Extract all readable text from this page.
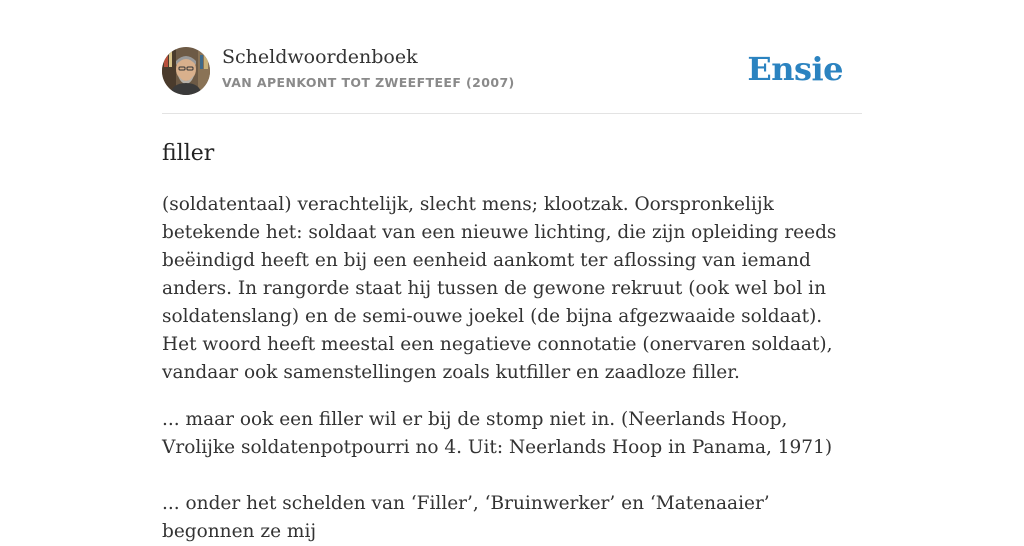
Scheldwoordenboek
VAN APENKONT TOT ZWEEFTEEF (2007)	Ensie
filler

(soldatentaal) verachtelijk, slecht mens; klootzak. Oorspronkelijk betekende het: soldaat van een nieuwe lichting, die zijn opleiding reeds beëindigd heeft en bij een eenheid aankomt ter aflossing van iemand anders. In rangorde staat hij tussen de gewone rekruut (ook wel bol in soldatenslang) en de semi-ouwe joekel (de bijna afgezwaaide soldaat). Het woord heeft meestal een negatieve connotatie (onervaren soldaat), vandaar ook samenstellingen zoals kutfiller en zaadloze filler.

... maar ook een filler wil er bij de stomp niet in. (Neerlands Hoop, Vrolijke soldatenpotpourri no 4. Uit: Neerlands Hoop in Panama, 1971)

... onder het schelden van ‘Filler’, ‘Bruinwerker’ en ‘Matenaaier’ begonnen ze mij
